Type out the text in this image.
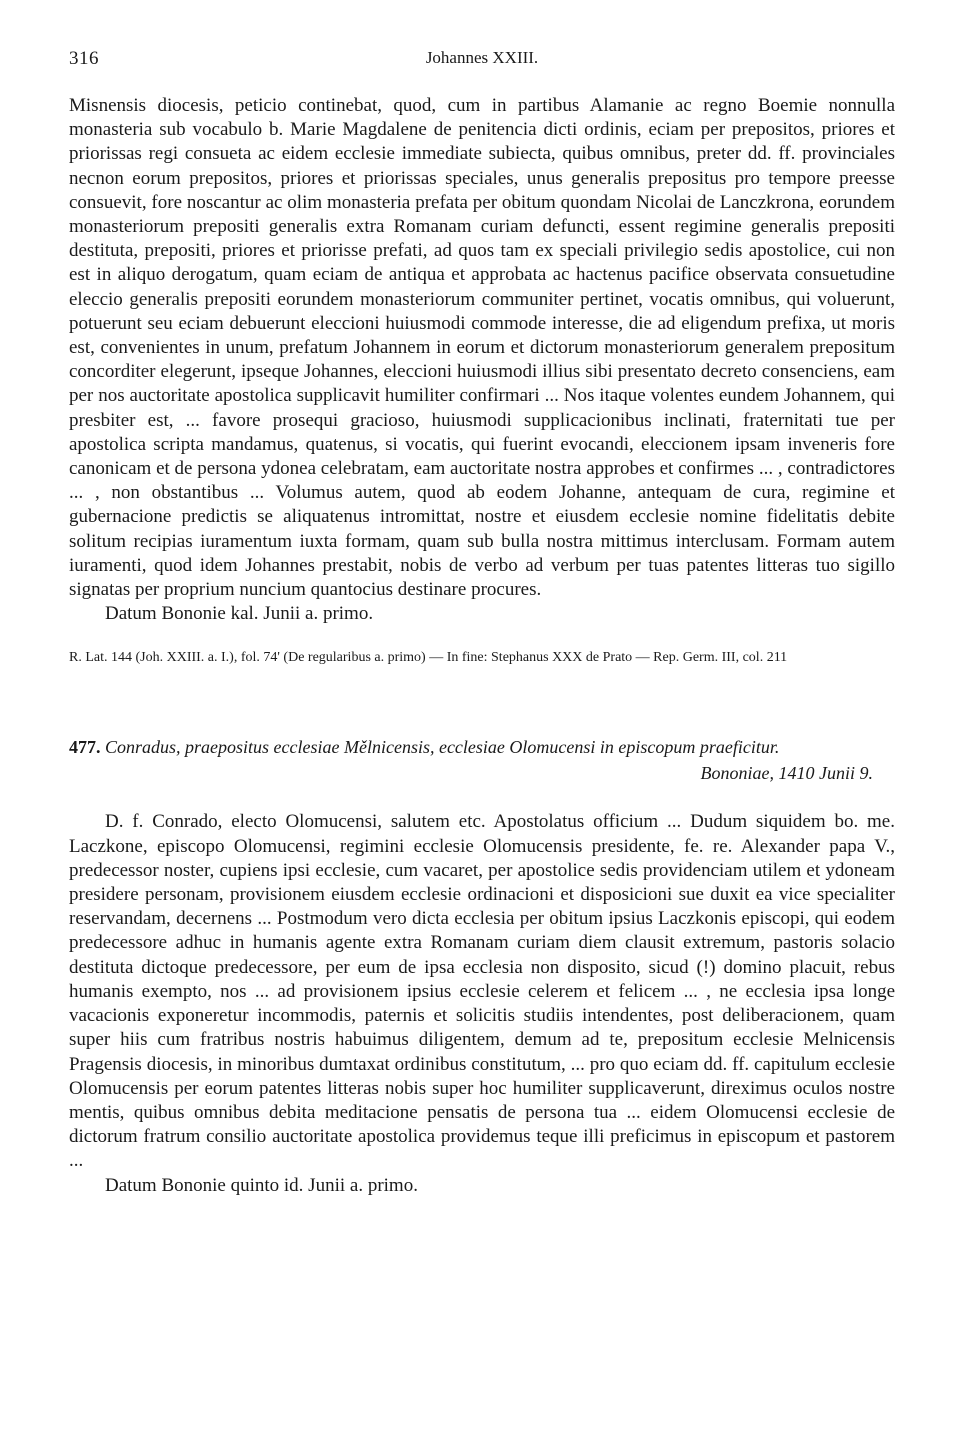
316	Johannes XXIII.

Misnensis diocesis, peticio continebat, quod, cum in partibus Alamanie ac regno Boemie nonnulla monasteria sub vocabulo b. Marie Magdalene de penitencia dicti ordinis, eciam per prepositos, priores et priorissas regi consueta ac eidem ecclesie immediate subiecta, quibus omnibus, preter dd. ff. provinciales necnon eorum prepositos, priores et priorissas speciales, unus generalis prepositus pro tempore preesse consuevit, fore noscantur ac olim monasteria prefata per obitum quondam Nicolai de Lanczkrona, eorundem monasteriorum prepositi generalis extra Romanam curiam defuncti, essent regimine generalis prepositi destituta, prepositi, priores et priorisse prefati, ad quos tam ex speciali privilegio sedis apostolice, cui non est in aliquo derogatum, quam eciam de antiqua et approbata ac hactenus pacifice observata consuetudine eleccio generalis prepositi eorundem monasteriorum communiter pertinet, vocatis omnibus, qui voluerunt, potuerunt seu eciam debuerunt eleccioni huiusmodi commode interesse, die ad eligendum prefixa, ut moris est, convenientes in unum, prefatum Johannem in eorum et dictorum monasteriorum generalem prepositum concorditer elegerunt, ipseque Johannes, eleccioni huiusmodi illius sibi presentato decreto consenciens, eam per nos auctoritate apostolica supplicavit humiliter confirmari ... Nos itaque volentes eundem Johannem, qui presbiter est, ... favore prosequi gracioso, huiusmodi supplicacionibus inclinati, fraternitati tue per apostolica scripta mandamus, quatenus, si vocatis, qui fuerint evocandi, eleccionem ipsam inveneris fore canonicam et de persona ydonea celebratam, eam auctoritate nostra approbes et confirmes ... , contradictores ... , non obstantibus ... Volumus autem, quod ab eodem Johanne, antequam de cura, regimine et gubernacione predictis se aliquatenus intromittat, nostre et eiusdem ecclesie nomine fidelitatis debite solitum recipias iuramentum iuxta formam, quam sub bulla nostra mittimus interclusam. Formam autem iuramenti, quod idem Johannes prestabit, nobis de verbo ad verbum per tuas patentes litteras tuo sigillo signatas per proprium nuncium quantocius destinare procures.

Datum Bononie kal. Junii a. primo.

R. Lat. 144 (Joh. XXIII. a. I.), fol. 74' (De regularibus a. primo) — In fine: Stephanus XXX de Prato — Rep. Germ. III, col. 211
477. Conradus, praepositus ecclesiae Mělnicensis, ecclesiae Olomucensi in episcopum praeficitur.
Bononiae, 1410 Junii 9.

D. f. Conrado, electo Olomucensi, salutem etc. Apostolatus officium ... Dudum siquidem bo. me. Laczkone, episcopo Olomucensi, regimini ecclesie Olomucensis presidente, fe. re. Alexander papa V., predecessor noster, cupiens ipsi ecclesie, cum vacaret, per apostolice sedis providenciam utilem et ydoneam presidere personam, provisionem eiusdem ecclesie ordinacioni et disposicioni sue duxit ea vice specialiter reservandam, decernens ... Postmodum vero dicta ecclesia per obitum ipsius Laczkonis episcopi, qui eodem predecessore adhuc in humanis agente extra Romanam curiam diem clausit extremum, pastoris solacio destituta dictoque predecessore, per eum de ipsa ecclesia non disposito, sicud (!) domino placuit, rebus humanis exempto, nos ... ad provisionem ipsius ecclesie celerem et felicem ... , ne ecclesia ipsa longe vacacionis exponeretur incommodis, paternis et solicitis studiis intendentes, post deliberacionem, quam super hiis cum fratribus nostris habuimus diligentem, demum ad te, prepositum ecclesie Melnicensis Pragensis diocesis, in minoribus dumtaxat ordinibus constitutum, ... pro quo eciam dd. ff. capitulum ecclesie Olomucensis per eorum patentes litteras nobis super hoc humiliter supplicaverunt, direximus oculos nostre mentis, quibus omnibus debita meditacione pensatis de persona tua ... eidem Olomucensi ecclesie de dictorum fratrum consilio auctoritate apostolica providemus teque illi preficimus in episcopum et pastorem ...

Datum Bononie quinto id. Junii a. primo.
